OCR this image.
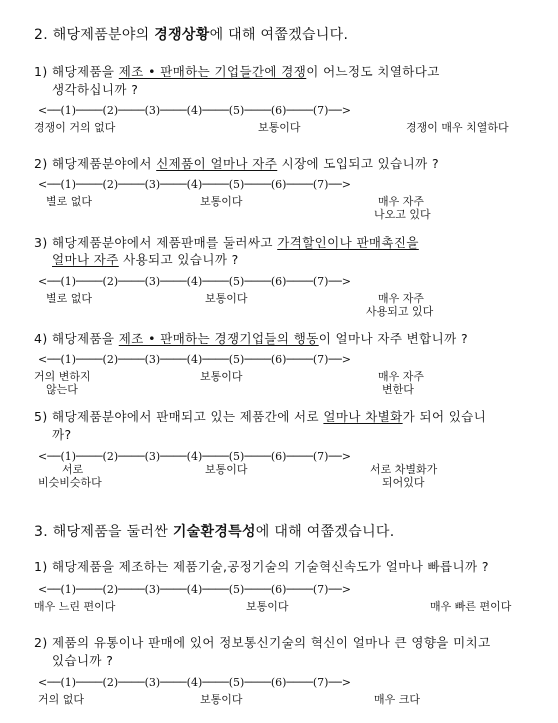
2. 해당제품분야의 경쟁상황에 대해 여쭙겠습니다.
1) 해당제품을 제조 • 판매하는 기업들간에 경쟁이 어느정도 치열하다고
생각하십니까 ?
<──(1)────(2)────(3)────(4)────(5)────(6)────(7)──>
경쟁이 거의 없다	보통이다	경쟁이 매우 치열하다
2) 해당제품분야에서 신제품이 얼마나 자주 시장에 도입되고 있습니까 ?
<──(1)────(2)────(3)────(4)────(5)────(6)────(7)──>
별로 없다	보통이다	매우 자주
나오고 있다
3) 해당제품분야에서 제품판매를 둘러싸고 가격할인이나 판매촉진을
얼마나 자주 사용되고 있습니까 ?
<──(1)────(2)────(3)────(4)────(5)────(6)────(7)──>
별로 없다	보통이다	매우 자주
사용되고 있다
4) 해당제품을 제조 • 판매하는 경쟁기업들의 행동이 얼마나 자주 변합니까 ?
<──(1)────(2)────(3)────(4)────(5)────(6)────(7)──>
거의 변하지
않는다
보통이다	매우 자주
변한다
5) 해당제품분야에서 판매되고 있는 제품간에 서로 얼마나 차별화가 되어 있습니
까?
<──(1)────(2)────(3)────(4)────(5)────(6)────(7)──>
서로
비슷비슷하다
보통이다	서로 차별화가
되어있다
3. 해당제품을 둘러싼 기술환경특성에 대해 여쭙겠습니다.
1) 해당제품을 제조하는 제품기술,공정기술의 기술혁신속도가 얼마나 빠릅니까 ?
<──(1)────(2)────(3)────(4)────(5)────(6)────(7)──>
매우 느린 편이다	보통이다	매우 빠른 편이다
2) 제품의 유통이나 판매에 있어 정보통신기술의 혁신이 얼마나 큰 영향을 미치고
있습니까 ?
<──(1)────(2)────(3)────(4)────(5)────(6)────(7)──>
거의 없다	보통이다	매우 크다
